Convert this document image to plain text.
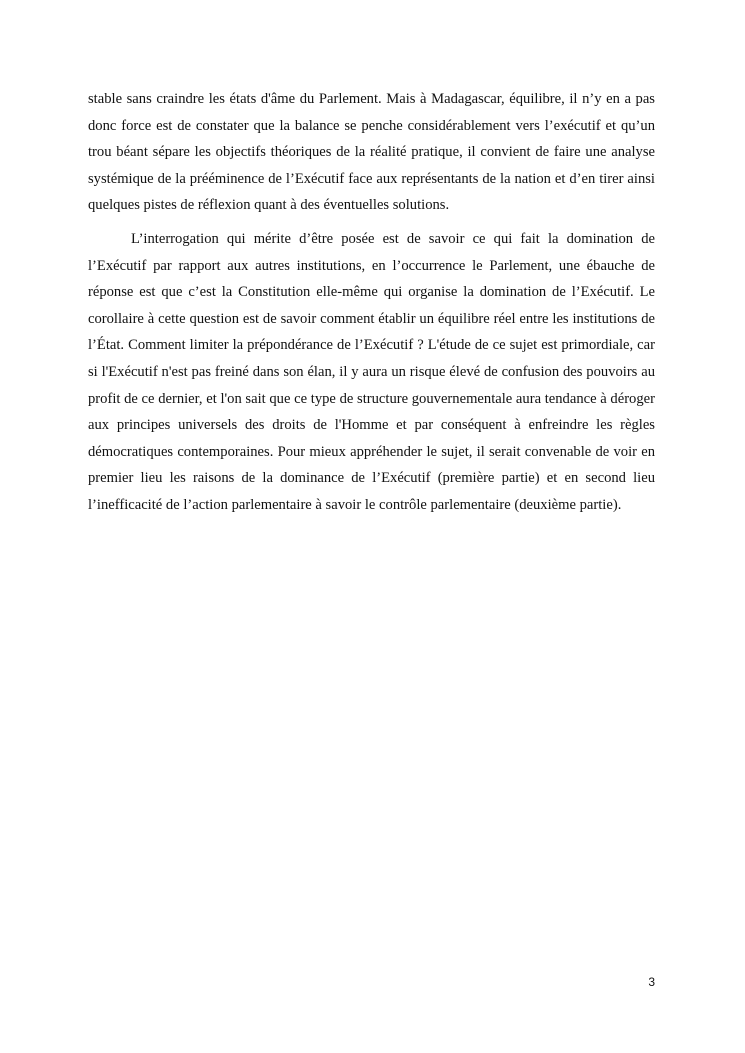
stable sans craindre les états d'âme du Parlement. Mais à Madagascar, équilibre, il n’y en a pas donc force est de constater que la balance se penche considérablement vers l’exécutif et qu’un trou béant sépare les objectifs théoriques de la réalité pratique, il convient de faire une analyse systémique de la prééminence de l’Exécutif face aux représentants de la nation et d’en tirer ainsi quelques pistes de réflexion quant à des éventuelles solutions.

L’interrogation qui mérite d’être posée est de savoir ce qui fait la domination de l’Exécutif par rapport aux autres institutions, en l’occurrence le Parlement, une ébauche de réponse est que c’est la Constitution elle-même qui organise la domination de l’Exécutif. Le corollaire à cette question est de savoir comment établir un équilibre réel entre les institutions de l’État. Comment limiter la prépondérance de l’Exécutif ? L'étude de ce sujet est primordiale, car si l'Exécutif n'est pas freiné dans son élan, il y aura un risque élevé de confusion des pouvoirs au profit de ce dernier, et l'on sait que ce type de structure gouvernementale aura tendance à déroger aux principes universels des droits de l'Homme et par conséquent à enfreindre les règles démocratiques contemporaines. Pour mieux appréhender le sujet, il serait convenable de voir en premier lieu les raisons de la dominance de l’Exécutif (première partie) et en second lieu l’inefficacité de l’action parlementaire à savoir le contrôle parlementaire (deuxième partie).

3
